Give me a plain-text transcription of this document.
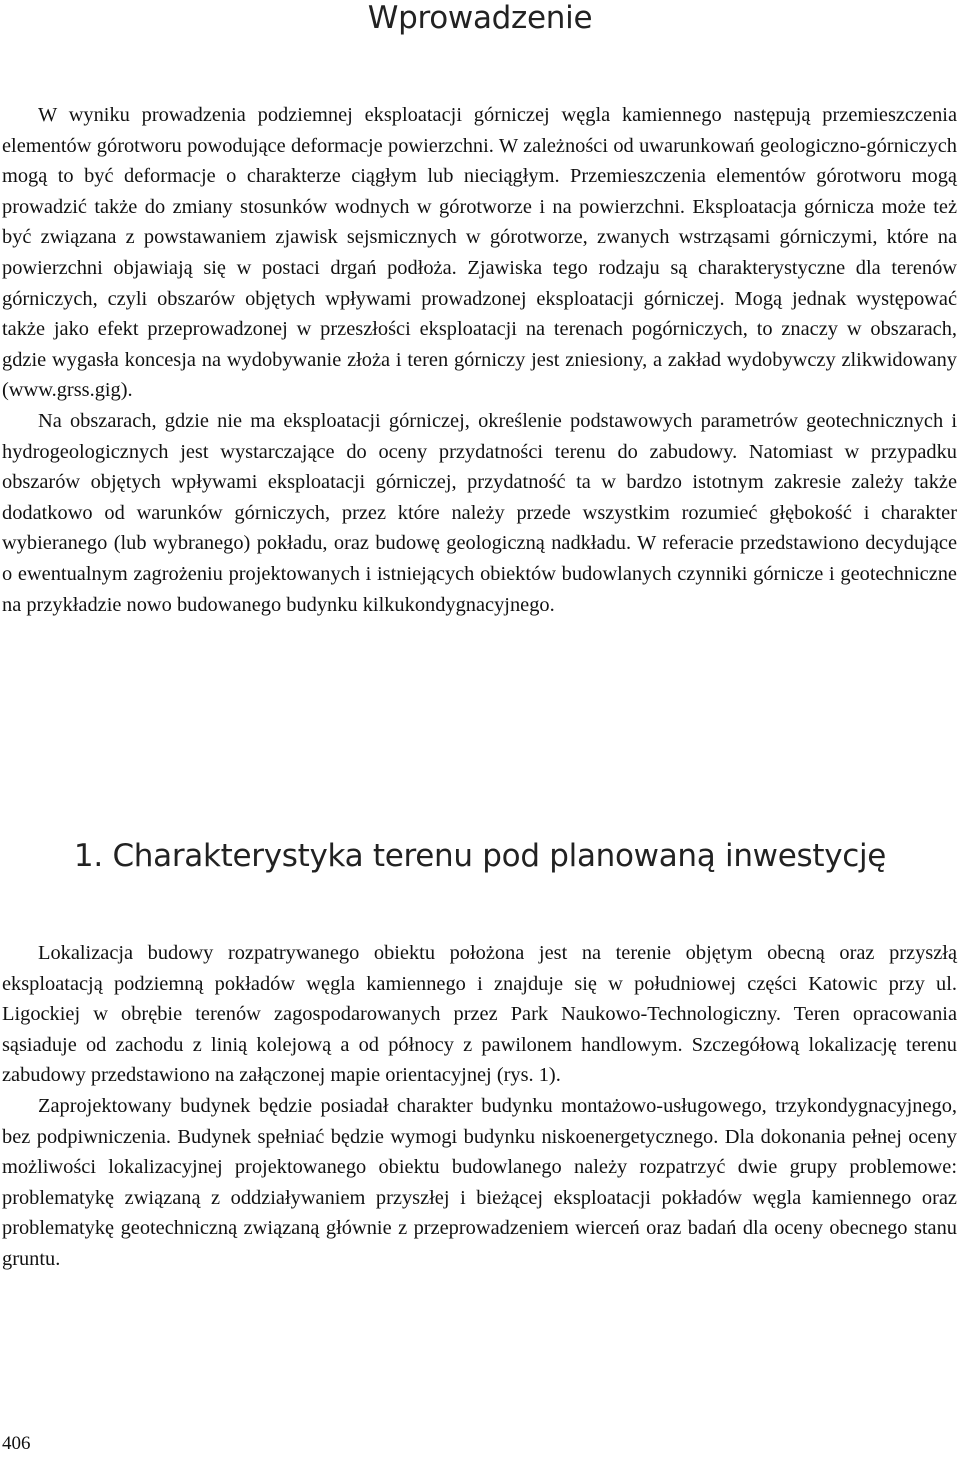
Wprowadzenie

W wyniku prowadzenia podziemnej eksploatacji górniczej węgla kamiennego następują przemieszczenia elementów górotworu powodujące deformacje powierzchni. W zależności od uwarunkowań geologiczno-górniczych mogą to być deformacje o charakterze ciągłym lub nieciągłym. Przemieszczenia elementów górotworu mogą prowadzić także do zmiany stosunków wodnych w górotworze i na powierzchni. Eksploatacja górnicza może też być związana z powstawaniem zjawisk sejsmicznych w górotworze, zwanych wstrząsami górniczymi, które na powierzchni objawiają się w postaci drgań podłoża. Zjawiska tego rodzaju są charakterystyczne dla terenów górniczych, czyli obszarów objętych wpływami prowadzonej eksploatacji górniczej. Mogą jednak występować także jako efekt przeprowadzonej w przeszłości eksploatacji na terenach pogórniczych, to znaczy w obszarach, gdzie wygasła koncesja na wydobywanie złoża i teren górniczy jest zniesiony, a zakład wydobywczy zlikwidowany (www.grss.gig).

Na obszarach, gdzie nie ma eksploatacji górniczej, określenie podstawowych parametrów geotechnicznych i hydrogeologicznych jest wystarczające do oceny przydatności terenu do zabudowy. Natomiast w przypadku obszarów objętych wpływami eksploatacji górniczej, przydatność ta w bardzo istotnym zakresie zależy także dodatkowo od warunków górniczych, przez które należy przede wszystkim rozumieć głębokość i charakter wybieranego (lub wybranego) pokładu, oraz budowę geologiczną nadkładu. W referacie przedstawiono decydujące o ewentualnym zagrożeniu projektowanych i istniejących obiektów budowlanych czynniki górnicze i geotechniczne na przykładzie nowo budowanego budynku kilkukondygnacyjnego.

1. Charakterystyka terenu pod planowaną inwestycję

Lokalizacja budowy rozpatrywanego obiektu położona jest na terenie objętym obecną oraz przyszłą eksploatacją podziemną pokładów węgla kamiennego i znajduje się w południowej części Katowic przy ul. Ligockiej w obrębie terenów zagospodarowanych przez Park Naukowo-Technologiczny. Teren opracowania sąsiaduje od zachodu z linią kolejową a od północy z pawilonem handlowym. Szczegółową lokalizację terenu zabudowy przedstawiono na załączonej mapie orientacyjnej (rys. 1).

Zaprojektowany budynek będzie posiadał charakter budynku montażowo-usługowego, trzykondygnacyjnego, bez podpiwniczenia. Budynek spełniać będzie wymogi budynku niskoenergetycznego. Dla dokonania pełnej oceny możliwości lokalizacyjnej projektowanego obiektu budowlanego należy rozpatrzyć dwie grupy problemowe: problematykę związaną z oddziaływaniem przyszłej i bieżącej eksploatacji pokładów węgla kamiennego oraz problematykę geotechniczną związaną głównie z przeprowadzeniem wierceń oraz badań dla oceny obecnego stanu gruntu.

406
